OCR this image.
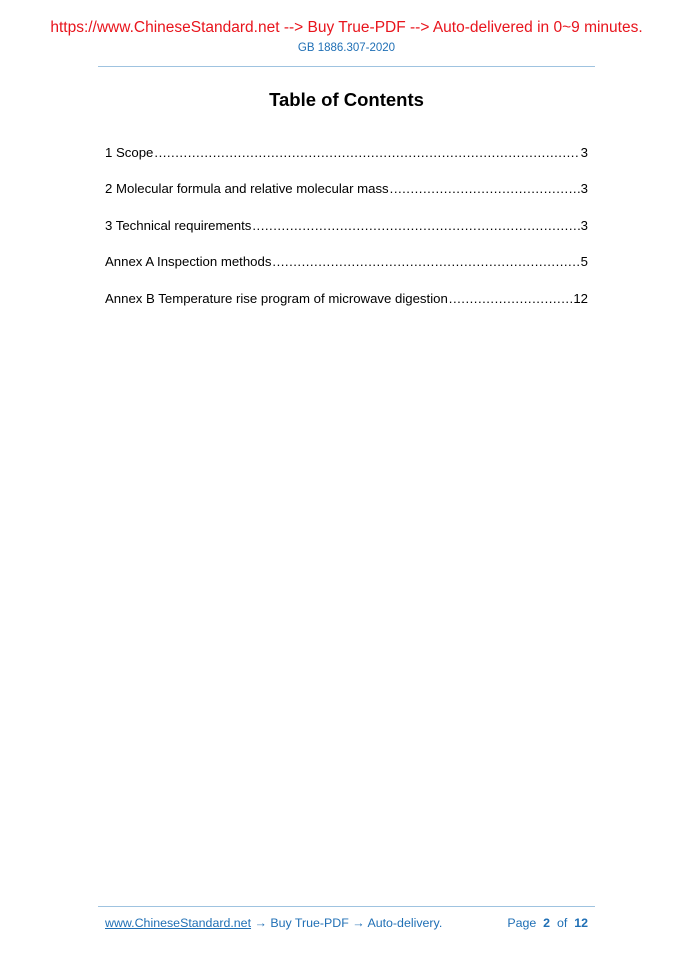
https://www.ChineseStandard.net --> Buy True-PDF --> Auto-delivered in 0~9 minutes.
GB 1886.307-2020
Table of Contents
1 Scope .....	3
2 Molecular formula and relative molecular mass .....	3
3 Technical requirements .....	3
Annex A Inspection methods .....	5
Annex B Temperature rise program of microwave digestion .....	12
www.ChineseStandard.net → Buy True-PDF → Auto-delivery.	Page 2 of 12
